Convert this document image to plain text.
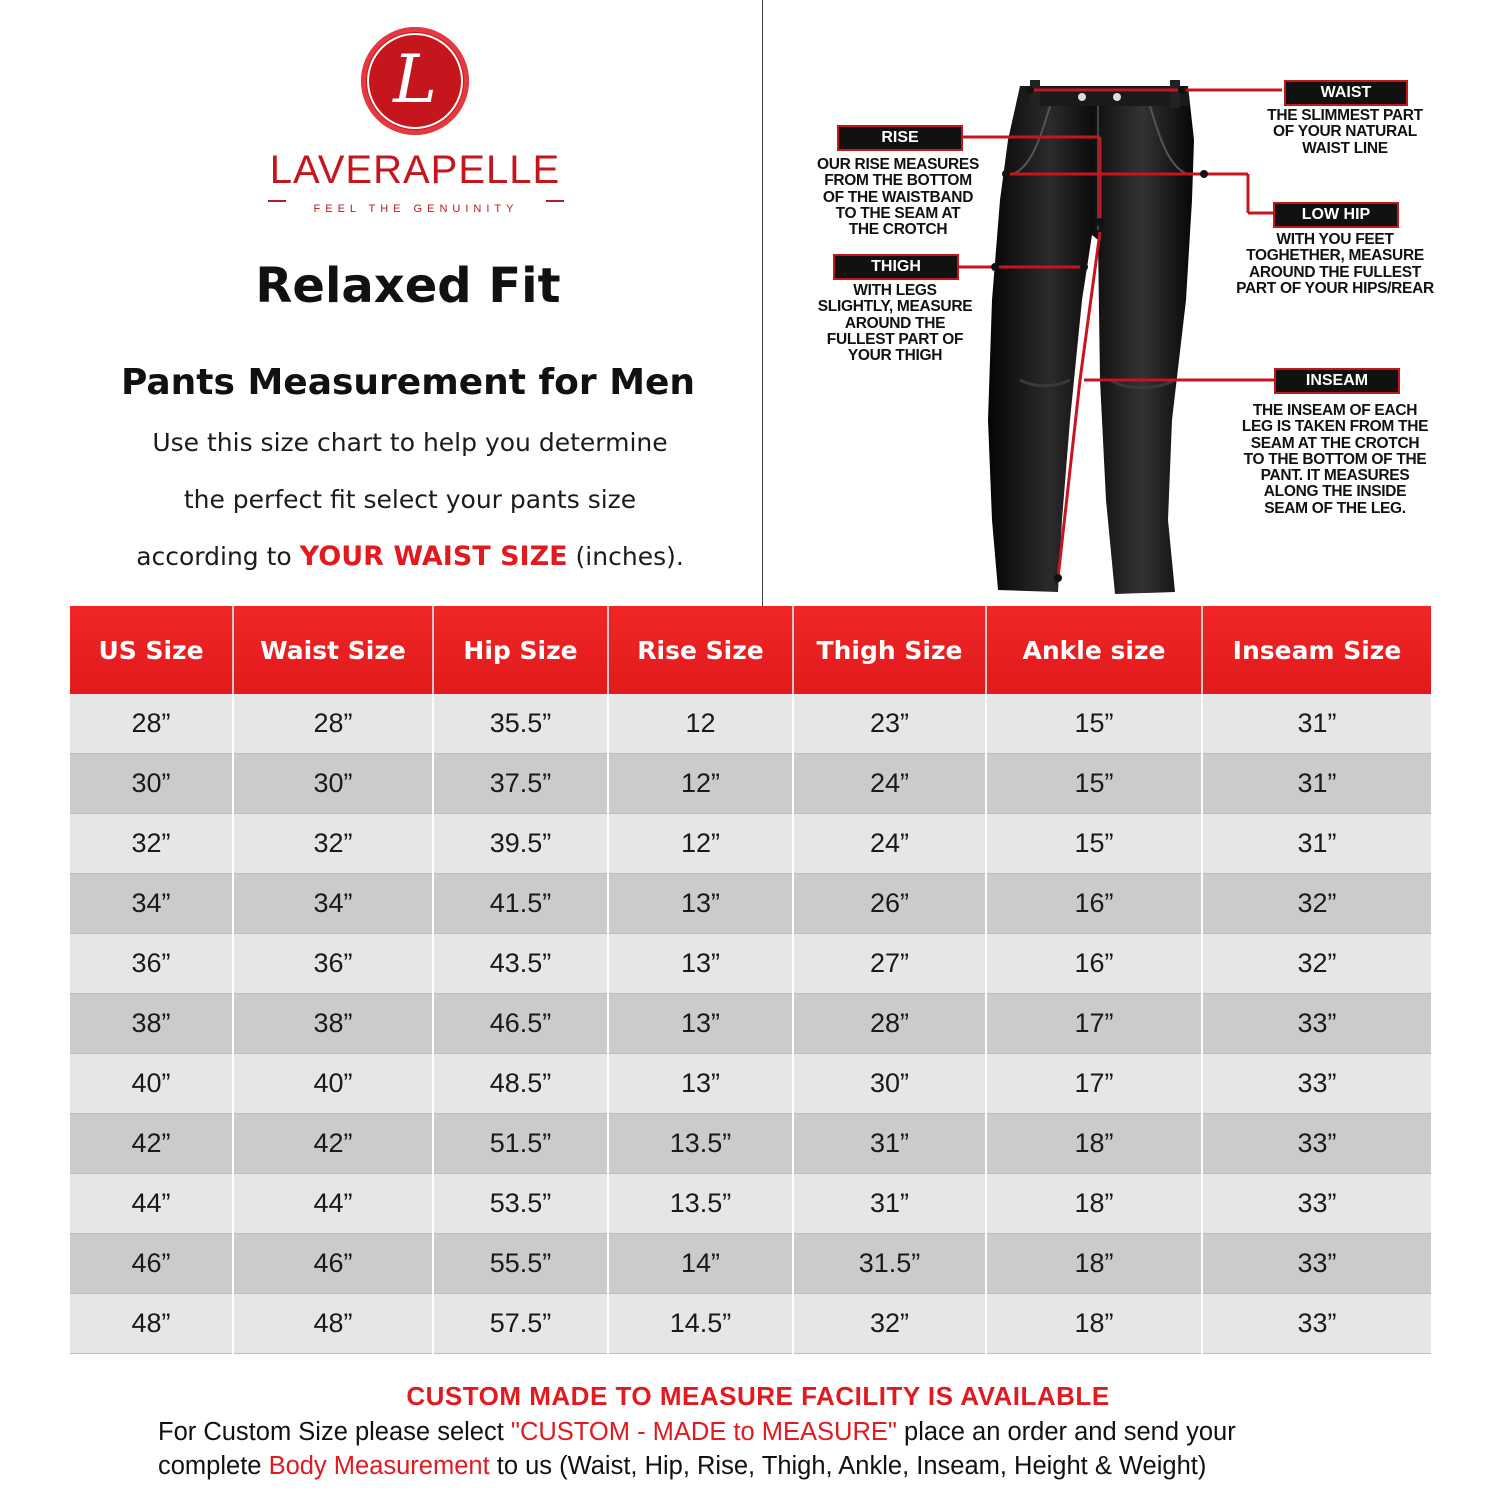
L
LAVERAPELLE
FEEL THE GENUINITY
Relaxed Fit
Pants Measurement for Men
Use this size chart to help you determine
the perfect fit select your pants size
according to YOUR WAIST SIZE (inches).
WAIST
THE SLIMMEST PART
OF YOUR NATURAL
WAIST LINE
RISE
OUR RISE MEASURES
FROM THE BOTTOM
OF THE WAISTBAND
TO THE SEAM AT
THE CROTCH
LOW HIP
WITH YOU FEET
TOGHETHER, MEASURE
AROUND THE FULLEST
PART OF YOUR HIPS/REAR
THIGH
WITH LEGS
SLIGHTLY, MEASURE
AROUND THE
FULLEST PART OF
YOUR THIGH
INSEAM
THE INSEAM OF EACH
LEG IS TAKEN FROM THE
SEAM AT THE CROTCH
TO THE BOTTOM OF THE
PANT. IT MEASURES
ALONG THE INSIDE
SEAM OF THE LEG.
US Size	Waist Size	Hip Size	Rise Size	Thigh Size	Ankle size	Inseam Size
28”	28”	35.5”	12	23”	15”	31”
30”	30”	37.5”	12”	24”	15”	31”
32”	32”	39.5”	12”	24”	15”	31”
34”	34”	41.5”	13”	26”	16”	32”
36”	36”	43.5”	13”	27”	16”	32”
38”	38”	46.5”	13”	28”	17”	33”
40”	40”	48.5”	13”	30”	17”	33”
42”	42”	51.5”	13.5”	31”	18”	33”
44”	44”	53.5”	13.5”	31”	18”	33”
46”	46”	55.5”	14”	31.5”	18”	33”
48”	48”	57.5”	14.5”	32”	18”	33”
CUSTOM MADE TO MEASURE FACILITY IS AVAILABLE
For Custom Size please select "CUSTOM - MADE to MEASURE" place an order and send your
complete Body Measurement to us (Waist, Hip, Rise, Thigh, Ankle, Inseam, Height & Weight)
